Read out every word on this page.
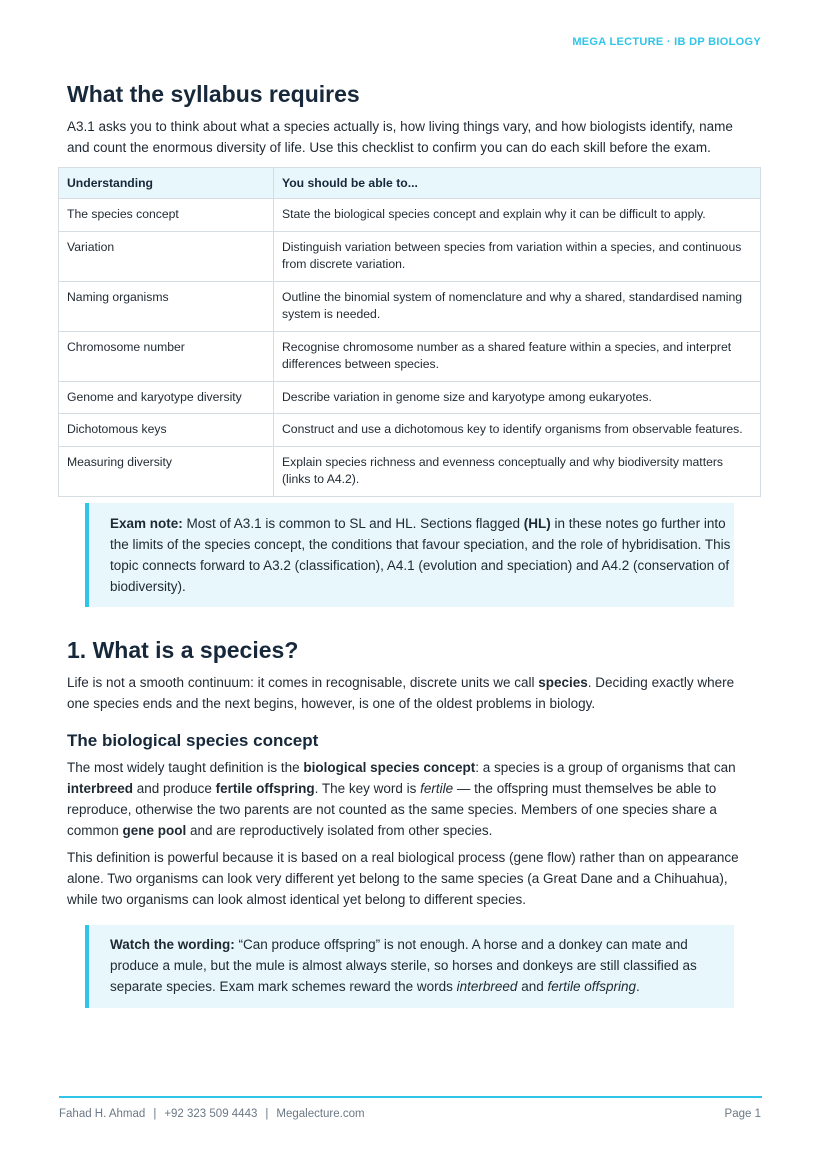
MEGA LECTURE · IB DP BIOLOGY
What the syllabus requires

A3.1 asks you to think about what a species actually is, how living things vary, and how biologists identify, name and count the enormous diversity of life. Use this checklist to confirm you can do each skill before the exam.

Understanding	You should be able to...
The species concept	State the biological species concept and explain why it can be difficult to apply.
Variation	Distinguish variation between species from variation within a species, and continuous from discrete variation.
Naming organisms	Outline the binomial system of nomenclature and why a shared, standardised naming system is needed.
Chromosome number	Recognise chromosome number as a shared feature within a species, and interpret differences between species.
Genome and karyotype diversity	Describe variation in genome size and karyotype among eukaryotes.
Dichotomous keys	Construct and use a dichotomous key to identify organisms from observable features.
Measuring diversity	Explain species richness and evenness conceptually and why biodiversity matters (links to A4.2).
Exam note: Most of A3.1 is common to SL and HL. Sections flagged (HL) in these notes go further into the limits of the species concept, the conditions that favour speciation, and the role of hybridisation. This topic connects forward to A3.2 (classification), A4.1 (evolution and speciation) and A4.2 (conservation of biodiversity).
1. What is a species?

Life is not a smooth continuum: it comes in recognisable, discrete units we call species. Deciding exactly where one species ends and the next begins, however, is one of the oldest problems in biology.

The biological species concept

The most widely taught definition is the biological species concept: a species is a group of organisms that can interbreed and produce fertile offspring. The key word is fertile — the offspring must themselves be able to reproduce, otherwise the two parents are not counted as the same species. Members of one species share a common gene pool and are reproductively isolated from other species.

This definition is powerful because it is based on a real biological process (gene flow) rather than on appearance alone. Two organisms can look very different yet belong to the same species (a Great Dane and a Chihuahua), while two organisms can look almost identical yet belong to different species.

Watch the wording: “Can produce offspring” is not enough. A horse and a donkey can mate and produce a mule, but the mule is almost always sterile, so horses and donkeys are still classified as separate species. Exam mark schemes reward the words interbreed and fertile offspring.
Fahad H. Ahmad | +92 323 509 4443 | Megalecture.com	Page 1
